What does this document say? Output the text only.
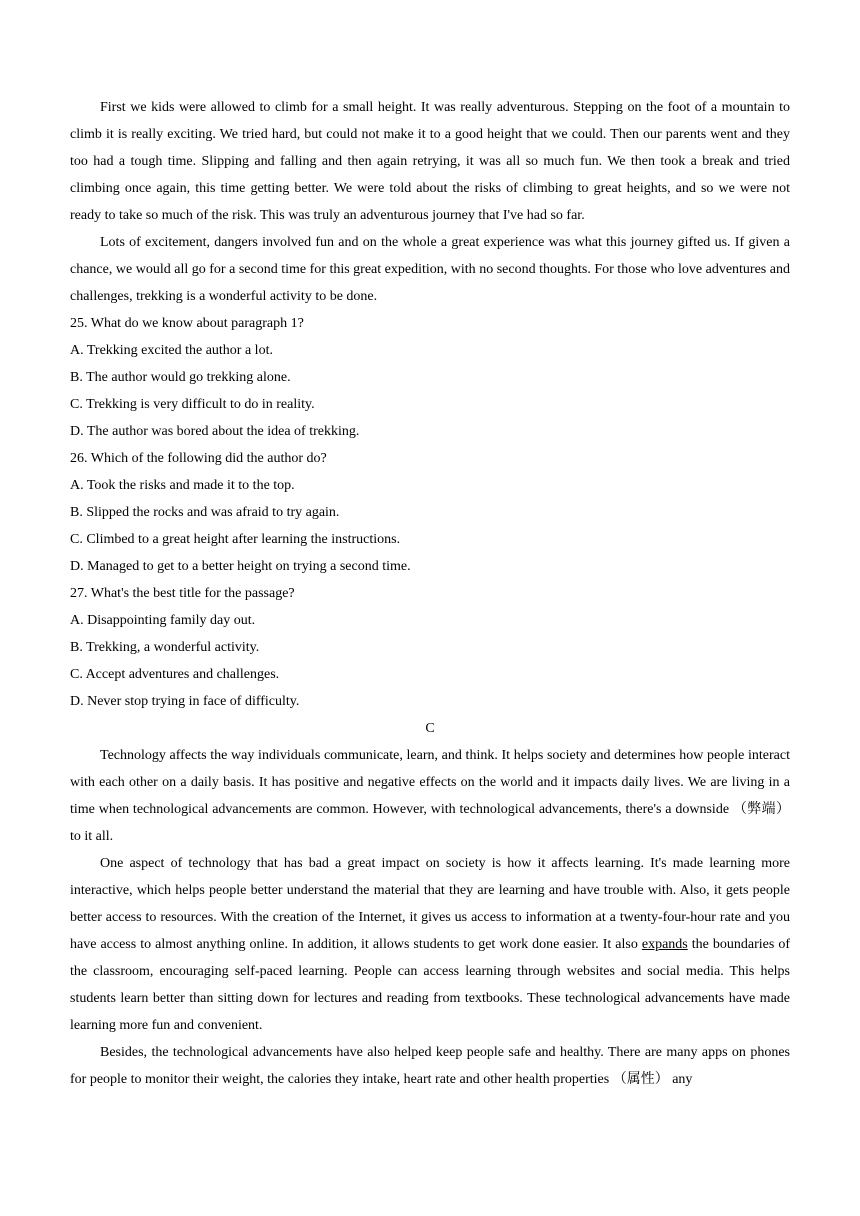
First we kids were allowed to climb for a small height. It was really adventurous. Stepping on the foot of a mountain to climb it is really exciting. We tried hard, but could not make it to a good height that we could. Then our parents went and they too had a tough time. Slipping and falling and then again retrying, it was all so much fun. We then took a break and tried climbing once again, this time getting better. We were told about the risks of climbing to great heights, and so we were not ready to take so much of the risk. This was truly an adventurous journey that I've had so far.

Lots of excitement, dangers involved fun and on the whole a great experience was what this journey gifted us. If given a chance, we would all go for a second time for this great expedition, with no second thoughts. For those who love adventures and challenges, trekking is a wonderful activity to be done.

25. What do we know about paragraph 1?

A. Trekking excited the author a lot.

B. The author would go trekking alone.

C. Trekking is very difficult to do in reality.

D. The author was bored about the idea of trekking.

26. Which of the following did the author do?

A. Took the risks and made it to the top.

B. Slipped the rocks and was afraid to try again.

C. Climbed to a great height after learning the instructions.

D. Managed to get to a better height on trying a second time.

27. What's the best title for the passage?

A. Disappointing family day out.

B. Trekking, a wonderful activity.

C. Accept adventures and challenges.

D. Never stop trying in face of difficulty.

C

Technology affects the way individuals communicate, learn, and think. It helps society and determines how people interact with each other on a daily basis. It has positive and negative effects on the world and it impacts daily lives. We are living in a time when technological advancements are common. However, with technological advancements, there's a downside （弊端）to it all.

One aspect of technology that has bad a great impact on society is how it affects learning. It's made learning more interactive, which helps people better understand the material that they are learning and have trouble with. Also, it gets people better access to resources. With the creation of the Internet, it gives us access to information at a twenty-four-hour rate and you have access to almost anything online. In addition, it allows students to get work done easier. It also expands the boundaries of the classroom, encouraging self-paced learning. People can access learning through websites and social media. This helps students learn better than sitting down for lectures and reading from textbooks. These technological advancements have made learning more fun and convenient.

Besides, the technological advancements have also helped keep people safe and healthy. There are many apps on phones for people to monitor their weight, the calories they intake, heart rate and other health properties （属性） any
